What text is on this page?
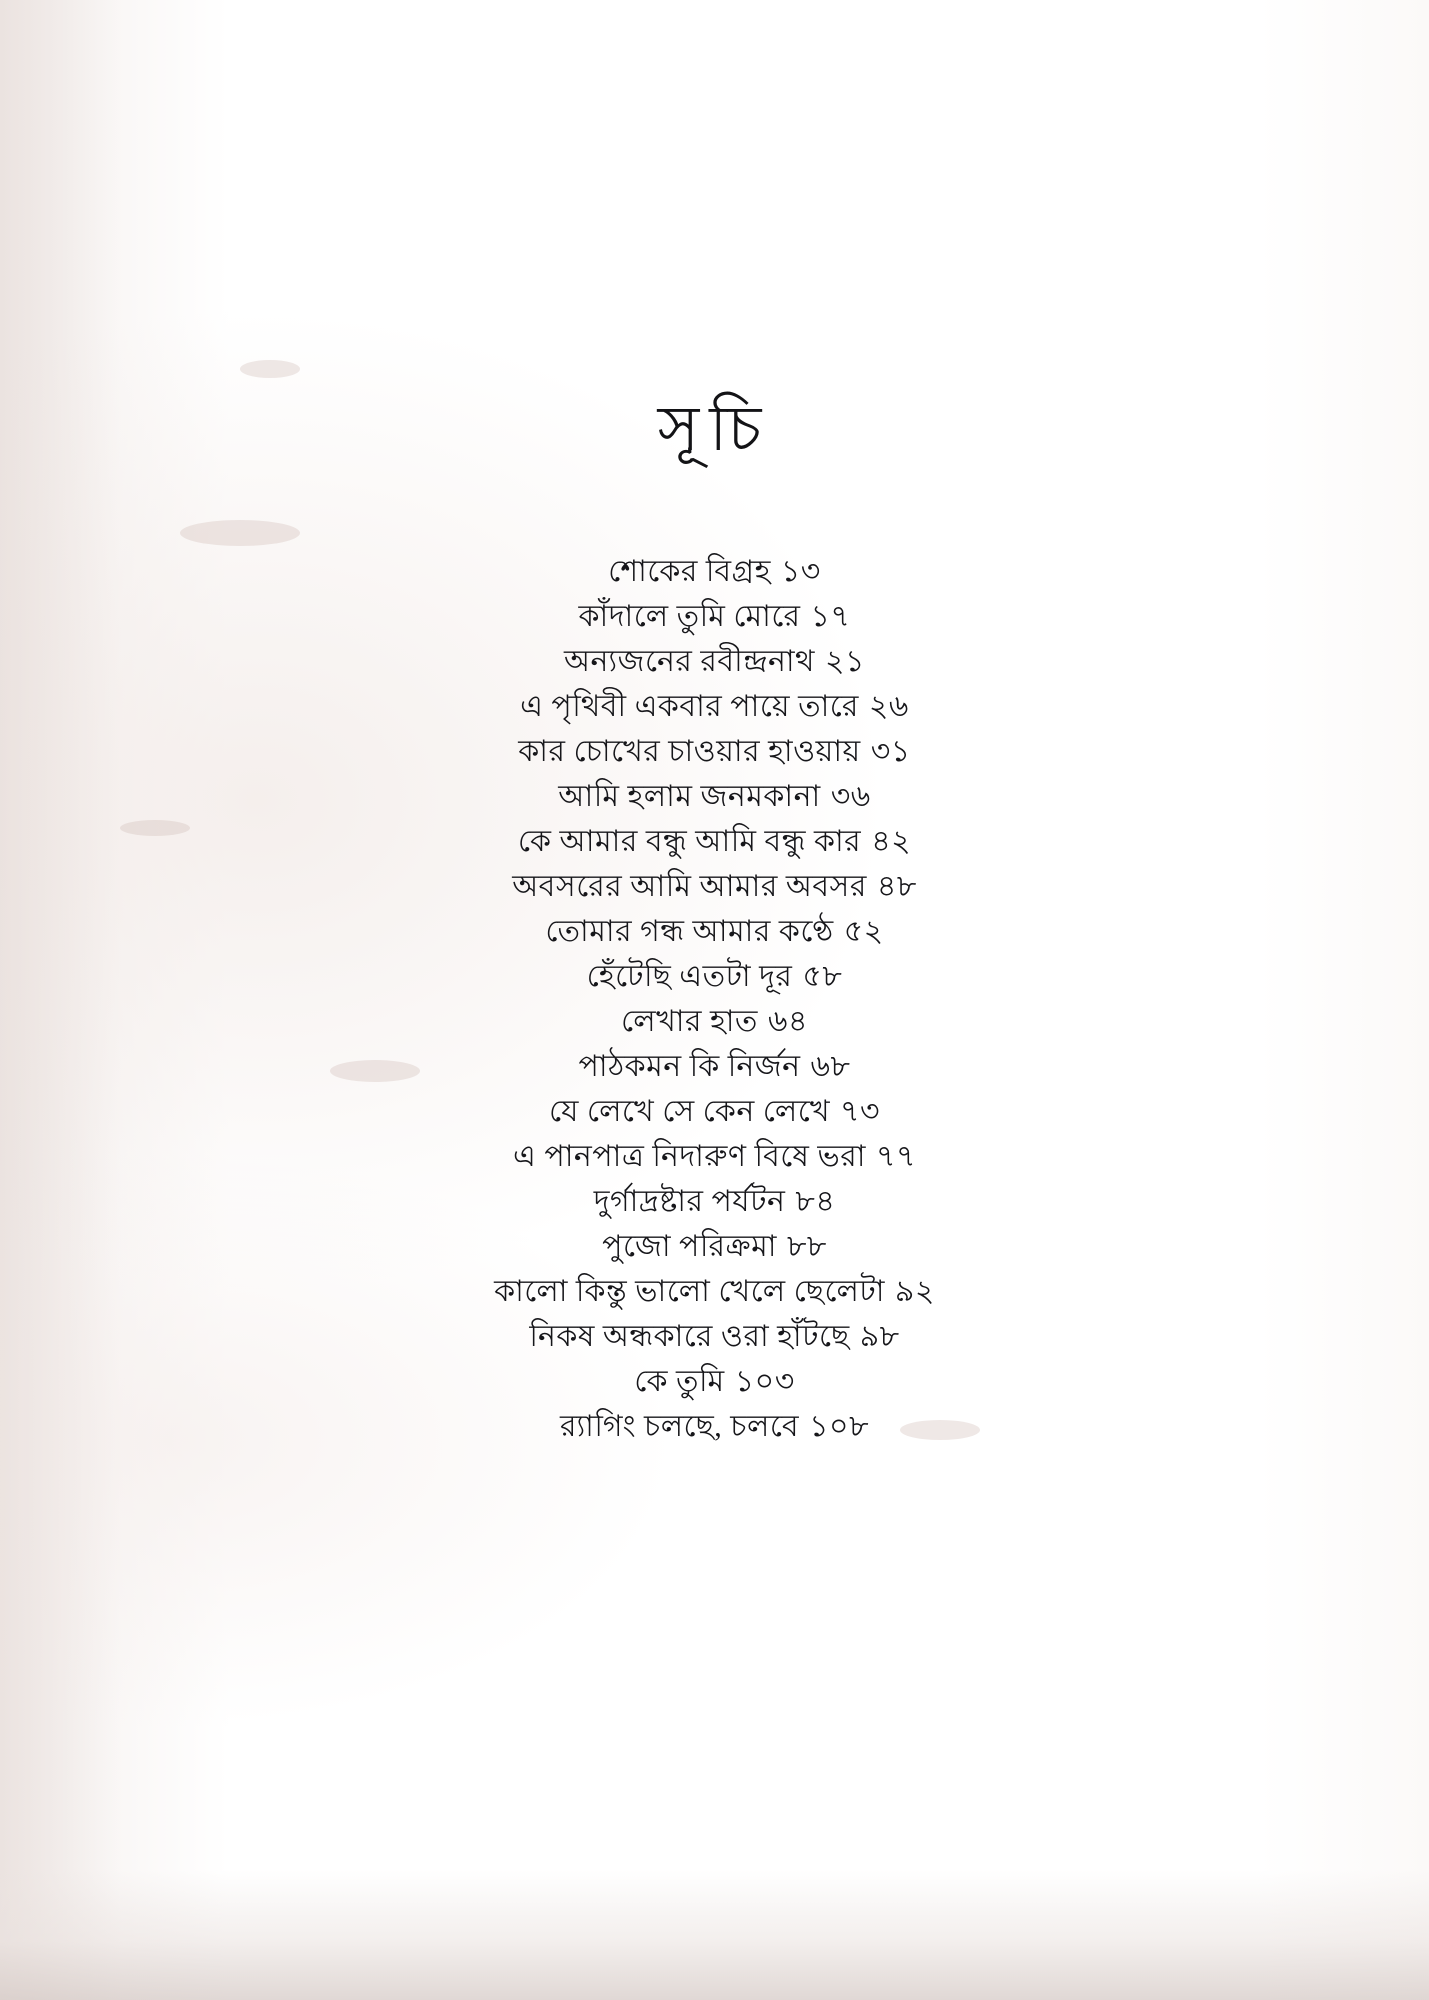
সূচি
শোকের বিগ্রহ ১৩
কাঁদালে তুমি মোরে ১৭
অন্যজনের রবীন্দ্রনাথ ২১
এ পৃথিবী একবার পায়ে তারে ২৬
কার চোখের চাওয়ার হাওয়ায় ৩১
আমি হলাম জনমকানা ৩৬
কে আমার বন্ধু আমি বন্ধু কার ৪২
অবসরের আমি আমার অবসর ৪৮
তোমার গন্ধ আমার কণ্ঠে ৫২
হেঁটেছি এতটা দূর ৫৮
লেখার হাত ৬৪
পাঠকমন কি নির্জন ৬৮
যে লেখে সে কেন লেখে ৭৩
এ পানপাত্র নিদারুণ বিষে ভরা ৭৭
দুর্গাদ্রষ্টার পর্যটন ৮৪
পুজো পরিক্রমা ৮৮
কালো কিন্তু ভালো খেলে ছেলেটা ৯২
নিকষ অন্ধকারে ওরা হাঁটছে ৯৮
কে তুমি ১০৩
র‍্যাগিং চলছে, চলবে ১০৮
